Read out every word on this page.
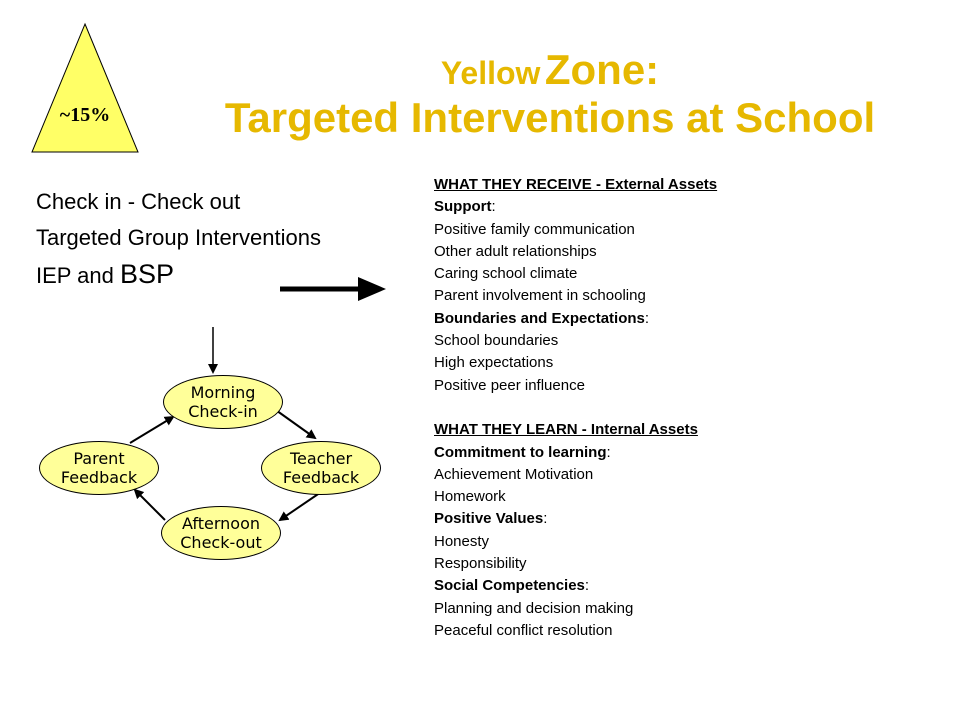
~15%
Yellow Zone:
Targeted Interventions at School
Check in - Check out
Targeted Group Interventions
IEP and BSP
WHAT THEY RECEIVE - External Assets
Support:
Positive family communication
Other adult relationships
Caring school climate
Parent involvement in schooling
Boundaries and Expectations:
School boundaries
High expectations
Positive peer influence
WHAT THEY LEARN - Internal Assets
Commitment to learning:
Achievement Motivation
Homework
Positive Values:
Honesty
Responsibility
Social Competencies:
Planning and decision making
Peaceful conflict resolution
Morning
Check-in
Teacher
Feedback
Afternoon
Check-out
Parent
Feedback
